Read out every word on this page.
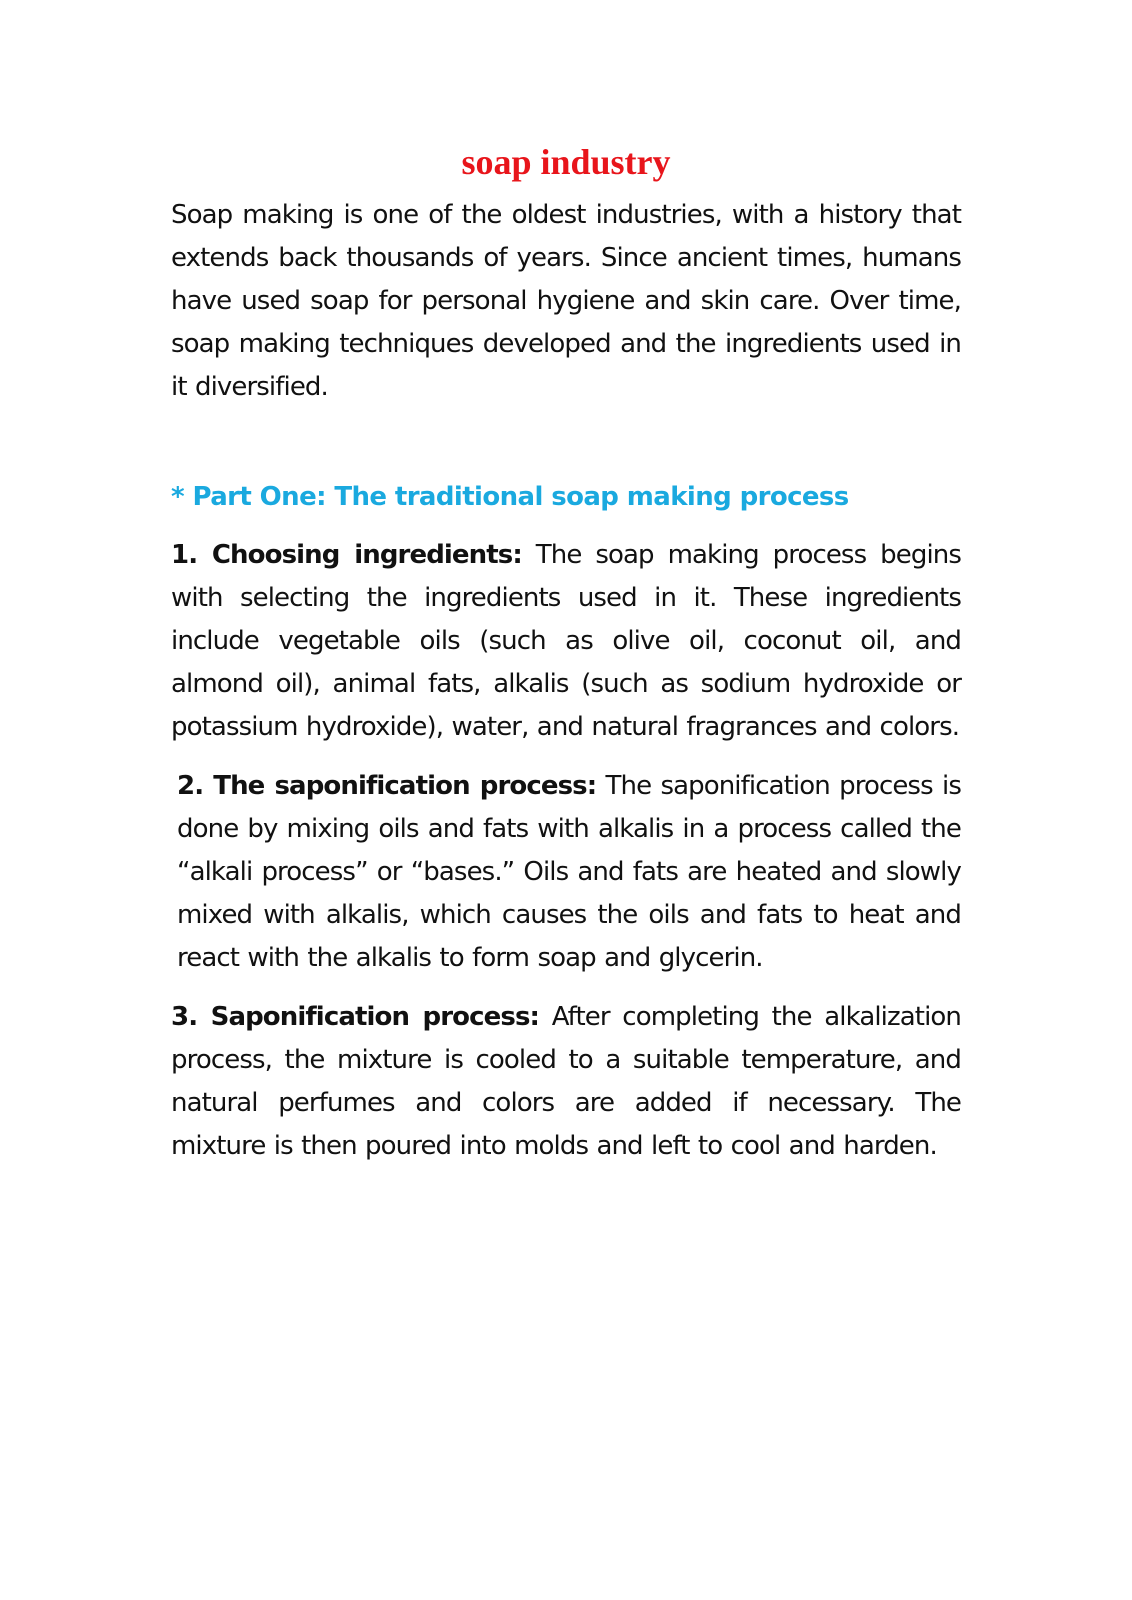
soap industry

Soap making is one of the oldest industries, with a history that extends back thousands of years. Since ancient times, humans have used soap for personal hygiene and skin care. Over time, soap making techniques developed and the ingredients used in it diversified.

* Part One: The traditional soap making process

1. Choosing ingredients: The soap making process begins with selecting the ingredients used in it. These ingredients include vegetable oils (such as olive oil, coconut oil, and almond oil), animal fats, alkalis (such as sodium hydroxide or potassium hydroxide), water, and natural fragrances and colors.

2. The saponification process: The saponification process is done by mixing oils and fats with alkalis in a process called the “alkali process” or “bases.” Oils and fats are heated and slowly mixed with alkalis, which causes the oils and fats to heat and react with the alkalis to form soap and glycerin.

3. Saponification process: After completing the alkalization process, the mixture is cooled to a suitable temperature, and natural perfumes and colors are added if necessary. The mixture is then poured into molds and left to cool and harden.
